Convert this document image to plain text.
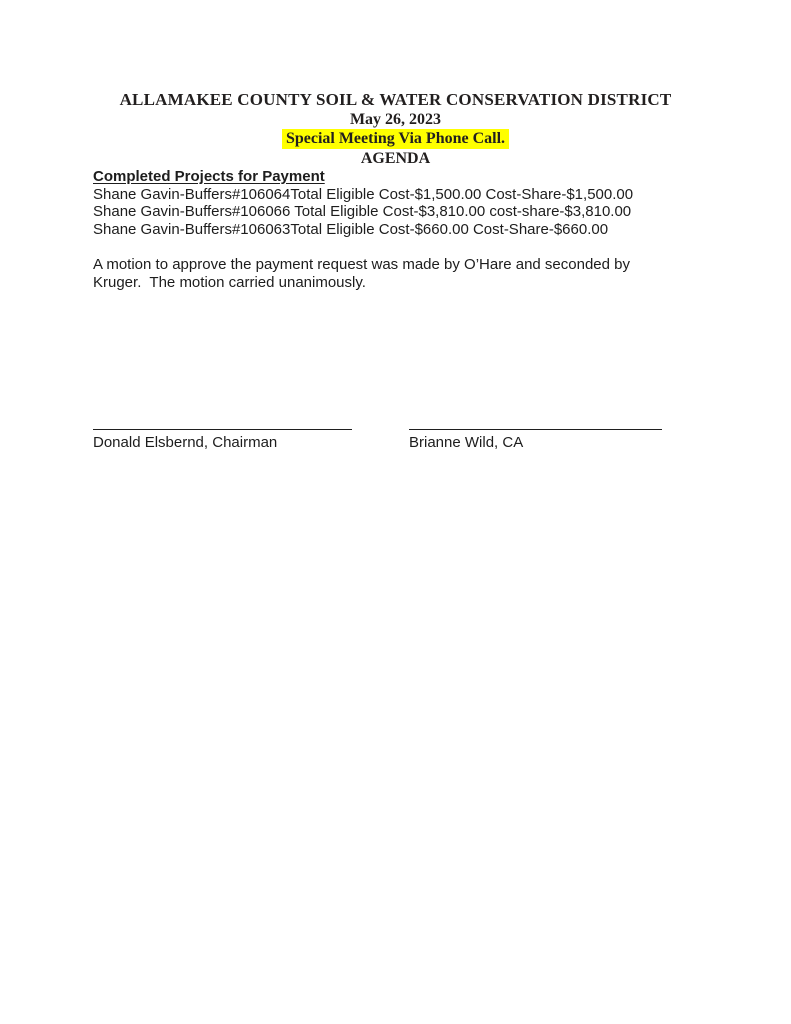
ALLAMAKEE COUNTY SOIL & WATER CONSERVATION DISTRICT
May 26, 2023
Special Meeting Via Phone Call.
AGENDA
Completed Projects for Payment
Shane Gavin-Buffers#106064Total Eligible Cost-$1,500.00 Cost-Share-$1,500.00
Shane Gavin-Buffers#106066 Total Eligible Cost-$3,810.00 cost-share-$3,810.00
Shane Gavin-Buffers#106063Total Eligible Cost-$660.00 Cost-Share-$660.00

A motion to approve the payment request was made by O’Hare and seconded by Kruger.  The motion carried unanimously.

Donald Elsbernd, Chairman	Brianne Wild, CA
